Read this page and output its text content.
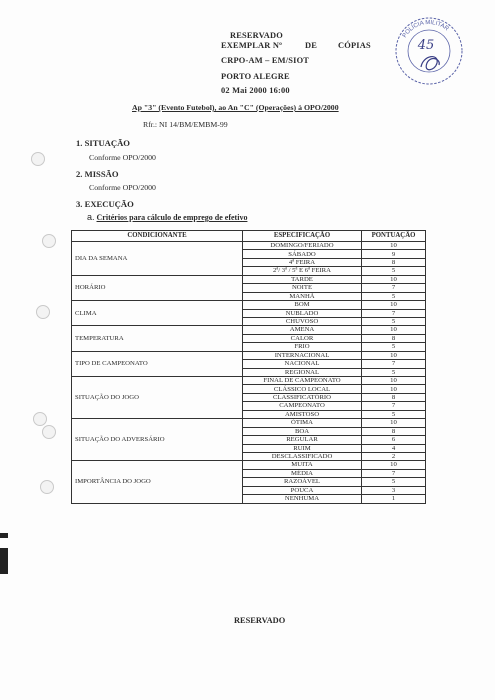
RESERVADO
EXEMPLAR Nº	DE CÓPIAS
CRPO-AM – EM/SIOT
PORTO ALEGRE
02 Mai 2000 16:00
POLÍCIA MILITAR
45
Ap "3" (Evento Futebol), ao An "C" (Operações) à OPO/2000
Rfr.: NI 14/BM/EMBM-99
1. SITUAÇÃO
Conforme OPO/2000
2. MISSÃO
Conforme OPO/2000
3. EXECUÇÃO
a. Critérios para cálculo de emprego de efetivo
CONDICIONANTE	ESPECIFICAÇÃO	PONTUAÇÃO
DIA DA SEMANA	DOMINGO/FERIADO	10
	SÁBADO	9
	4ª FEIRA	8
	2ª/ 3ª / 5ª E 6ª FEIRA	5
HORÁRIO	TARDE	10
	NOITE	7
	MANHÃ	5
CLIMA	BOM	10
	NUBLADO	7
	CHUVOSO	5
TEMPERATURA	AMENA	10
	CALOR	8
	FRIO	5
TIPO DE CAMPEONATO	INTERNACIONAL	10
	NACIONAL	7
	REGIONAL	5
SITUAÇÃO DO JOGO	FINAL DE CAMPEONATO	10
	CLÁSSICO LOCAL	10
	CLASSIFICATÓRIO	8
	CAMPEONATO	7
	AMISTOSO	5
SITUAÇÃO DO ADVERSÁRIO	ÓTIMA	10
	BOA	8
	REGULAR	6
	RUIM	4
	DESCLASSIFICADO	2
IMPORTÂNCIA DO JOGO	MUITA	10
	MÉDIA	7
	RAZOÁVEL	5
	POUCA	3
	NENHUMA	1
RESERVADO
